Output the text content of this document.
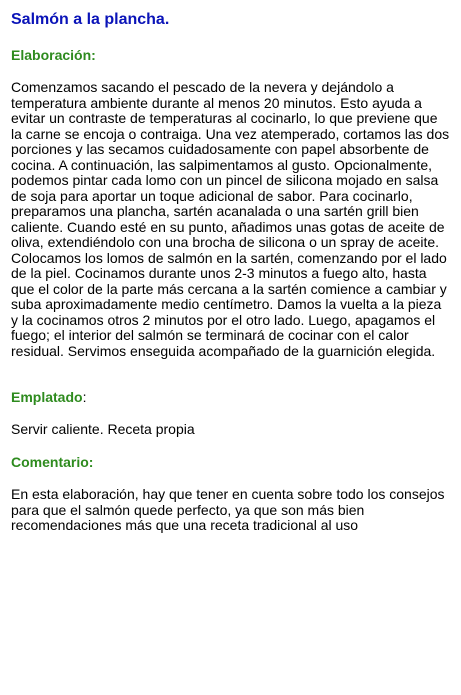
Salmón a la plancha.
Elaboración:

Comenzamos sacando el pescado de la nevera y dejándolo a temperatura ambiente durante al menos 20 minutos. Esto ayuda a evitar un contraste de temperaturas al cocinarlo, lo que previene que la carne se encoja o contraiga. Una vez atemperado, cortamos las dos porciones y las secamos cuidadosamente con papel absorbente de cocina. A continuación, las salpimentamos al gusto. Opcionalmente, podemos pintar cada lomo con un pincel de silicona mojado en salsa de soja para aportar un toque adicional de sabor. Para cocinarlo, preparamos una plancha, sartén acanalada o una sartén grill bien caliente. Cuando esté en su punto, añadimos unas gotas de aceite de oliva, extendiéndolo con una brocha de silicona o un spray de aceite. Colocamos los lomos de salmón en la sartén, comenzando por el lado de la piel. Cocinamos durante unos 2-3 minutos a fuego alto, hasta que el color de la parte más cercana a la sartén comience a cambiar y suba aproximadamente medio centímetro. Damos la vuelta a la pieza y la cocinamos otros 2 minutos por el otro lado. Luego, apagamos el fuego; el interior del salmón se terminará de cocinar con el calor residual. Servimos enseguida acompañado de la guarnición elegida.

Emplatado:

Servir caliente. Receta propia

Comentario:

En esta elaboración, hay que tener en cuenta sobre todo los consejos para que el salmón quede perfecto, ya que son más bien recomendaciones más que una receta tradicional al uso
